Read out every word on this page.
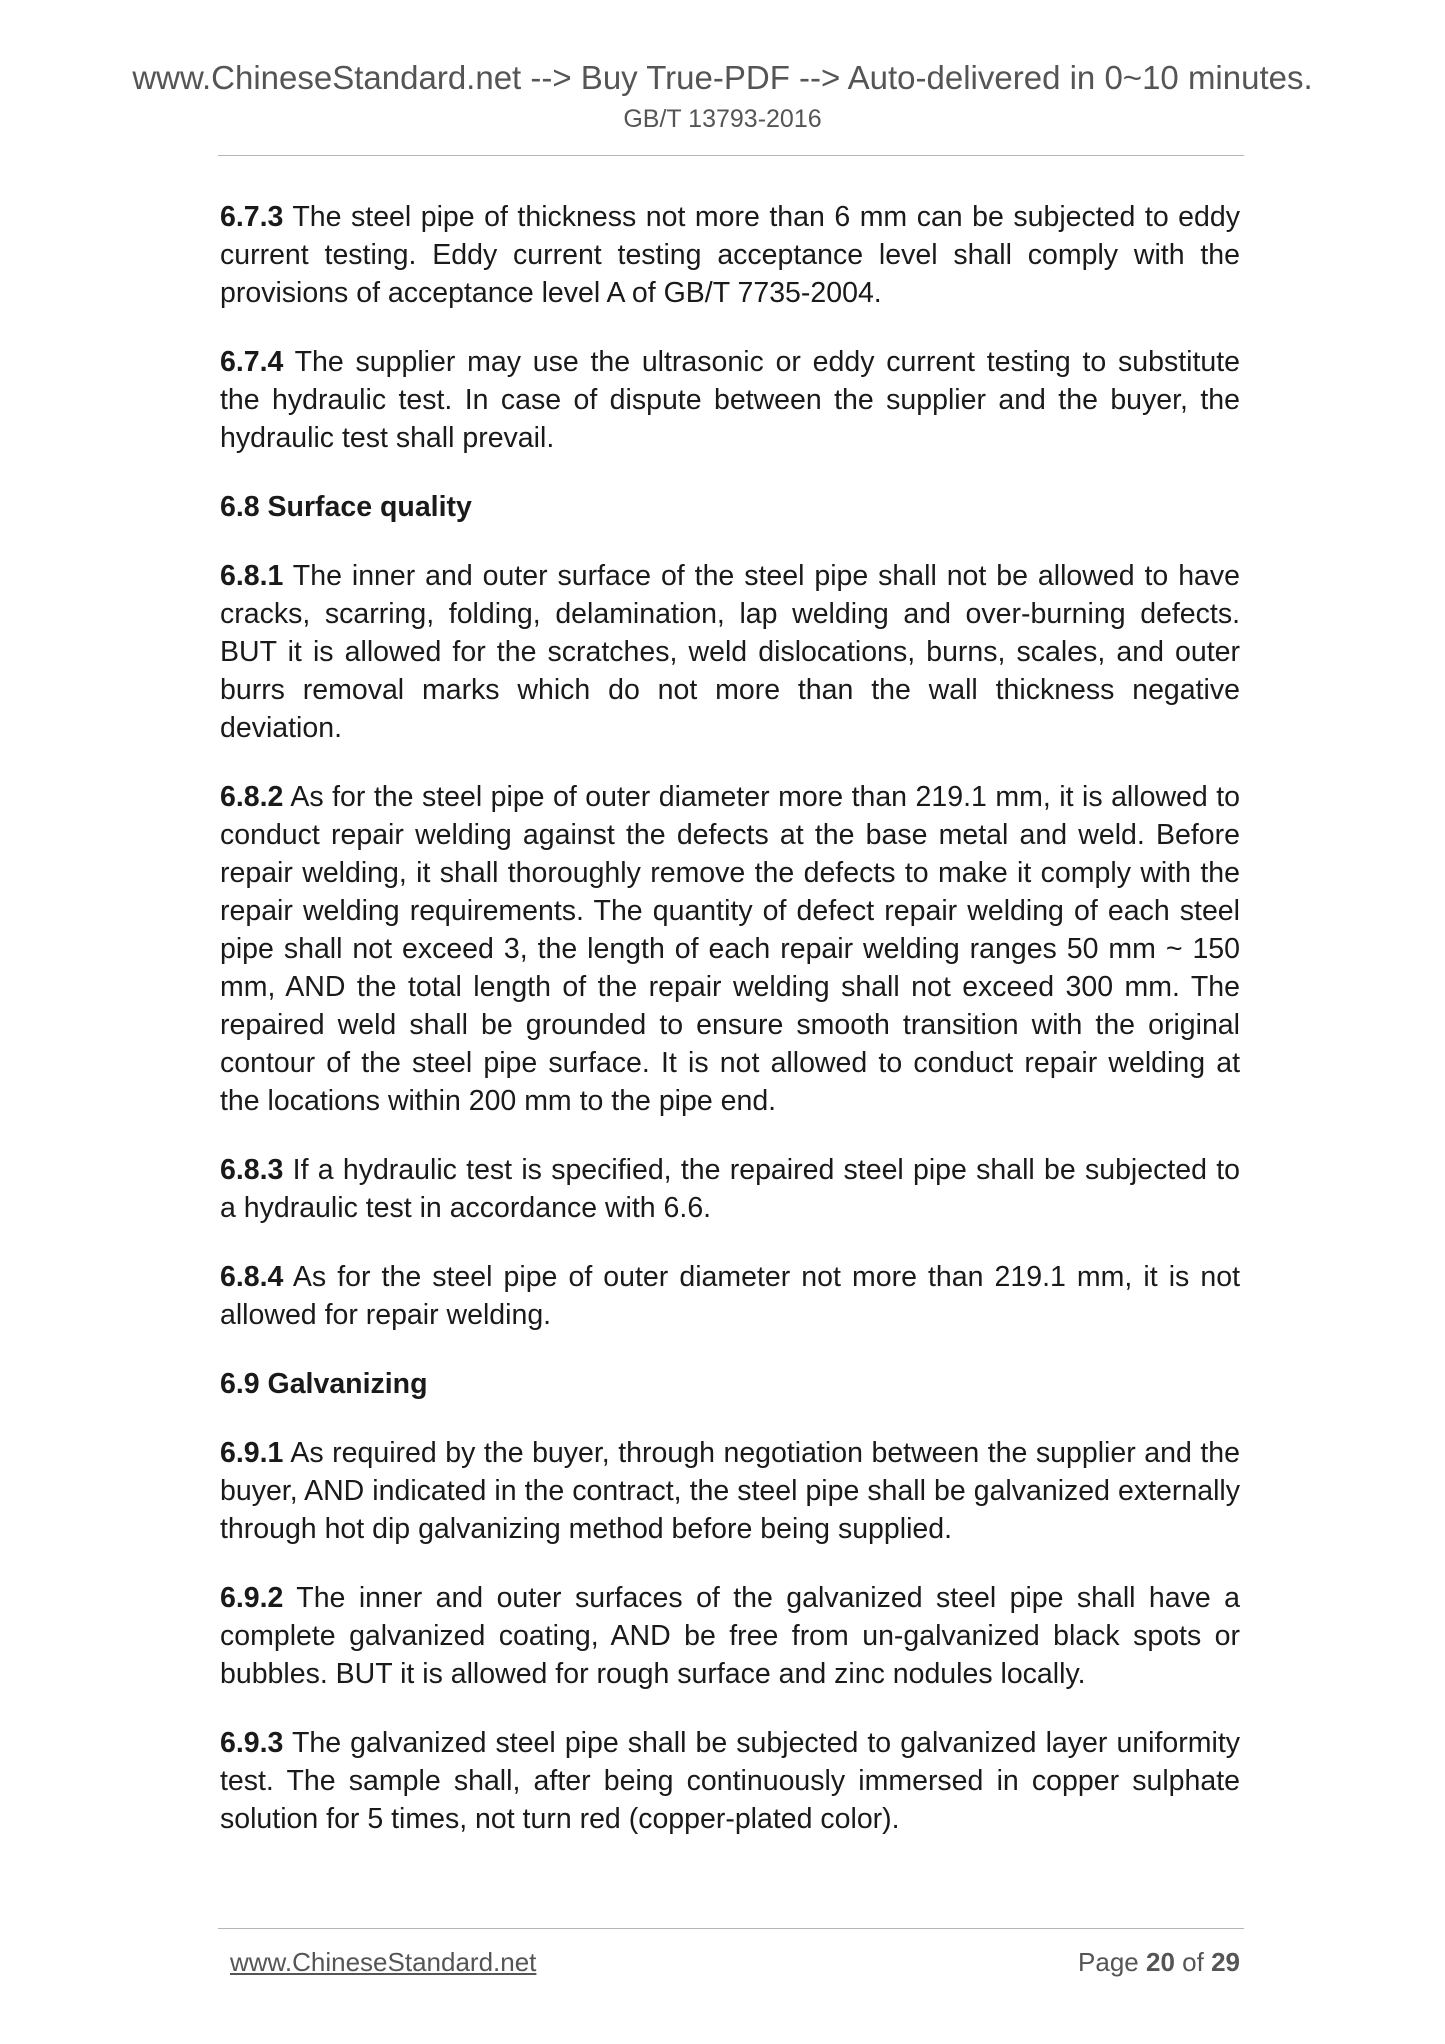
www.ChineseStandard.net --> Buy True-PDF --> Auto-delivered in 0~10 minutes.
GB/T 13793-2016

6.7.3 The steel pipe of thickness not more than 6 mm can be subjected to eddy current testing. Eddy current testing acceptance level shall comply with the provisions of acceptance level A of GB/T 7735-2004.

6.7.4 The supplier may use the ultrasonic or eddy current testing to substitute the hydraulic test. In case of dispute between the supplier and the buyer, the hydraulic test shall prevail.

6.8 Surface quality

6.8.1 The inner and outer surface of the steel pipe shall not be allowed to have cracks, scarring, folding, delamination, lap welding and over-burning defects. BUT it is allowed for the scratches, weld dislocations, burns, scales, and outer burrs removal marks which do not more than the wall thickness negative deviation.

6.8.2 As for the steel pipe of outer diameter more than 219.1 mm, it is allowed to conduct repair welding against the defects at the base metal and weld. Before repair welding, it shall thoroughly remove the defects to make it comply with the repair welding requirements. The quantity of defect repair welding of each steel pipe shall not exceed 3, the length of each repair welding ranges 50 mm ~ 150 mm, AND the total length of the repair welding shall not exceed 300 mm. The repaired weld shall be grounded to ensure smooth transition with the original contour of the steel pipe surface. It is not allowed to conduct repair welding at the locations within 200 mm to the pipe end.

6.8.3 If a hydraulic test is specified, the repaired steel pipe shall be subjected to a hydraulic test in accordance with 6.6.

6.8.4 As for the steel pipe of outer diameter not more than 219.1 mm, it is not allowed for repair welding.

6.9 Galvanizing

6.9.1 As required by the buyer, through negotiation between the supplier and the buyer, AND indicated in the contract, the steel pipe shall be galvanized externally through hot dip galvanizing method before being supplied.

6.9.2 The inner and outer surfaces of the galvanized steel pipe shall have a complete galvanized coating, AND be free from un-galvanized black spots or bubbles. BUT it is allowed for rough surface and zinc nodules locally.

6.9.3 The galvanized steel pipe shall be subjected to galvanized layer uniformity test. The sample shall, after being continuously immersed in copper sulphate solution for 5 times, not turn red (copper-plated color).

www.ChineseStandard.net	Page 20 of 29
